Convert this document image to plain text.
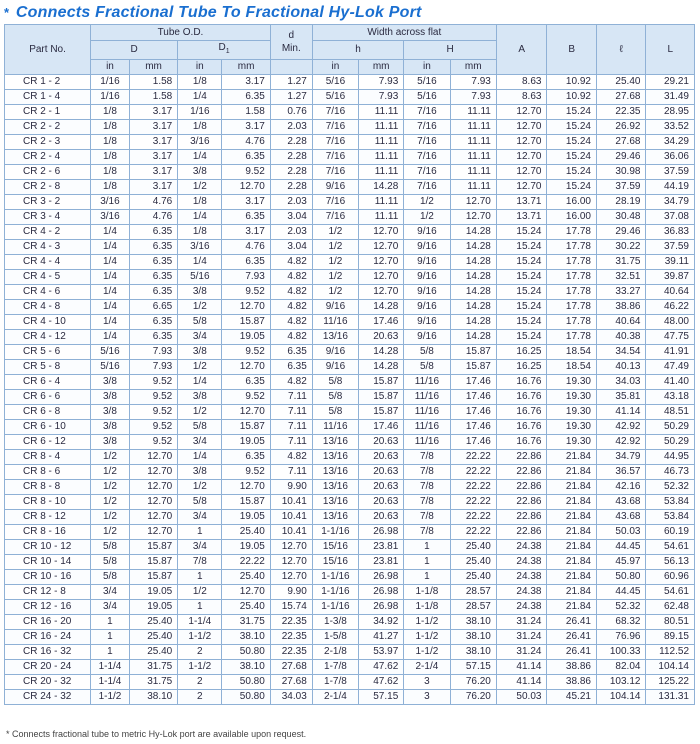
* Connects Fractional Tube To Fractional Hy-Lok Port
Part No.	Tube O.D.				d
Min.	Width across flat				A	B	ℓ	L
	D		$D_1$			h		H					
	in	mm	in	mm		in	mm	in	mm				
CR 1 - 2	1/16	1.58	1/8	3.17	1.27	5/16	7.93	5/16	7.93	8.63	10.92	25.40	29.21
CR 1 - 4	1/16	1.58	1/4	6.35	1.27	5/16	7.93	5/16	7.93	8.63	10.92	27.68	31.49
CR 2 - 1	1/8	3.17	1/16	1.58	0.76	7/16	11.11	7/16	11.11	12.70	15.24	22.35	28.95
CR 2 - 2	1/8	3.17	1/8	3.17	2.03	7/16	11.11	7/16	11.11	12.70	15.24	26.92	33.52
CR 2 - 3	1/8	3.17	3/16	4.76	2.28	7/16	11.11	7/16	11.11	12.70	15.24	27.68	34.29
CR 2 - 4	1/8	3.17	1/4	6.35	2.28	7/16	11.11	7/16	11.11	12.70	15.24	29.46	36.06
CR 2 - 6	1/8	3.17	3/8	9.52	2.28	7/16	11.11	7/16	11.11	12.70	15.24	30.98	37.59
CR 2 - 8	1/8	3.17	1/2	12.70	2.28	9/16	14.28	7/16	11.11	12.70	15.24	37.59	44.19
CR 3 - 2	3/16	4.76	1/8	3.17	2.03	7/16	11.11	1/2	12.70	13.71	16.00	28.19	34.79
CR 3 - 4	3/16	4.76	1/4	6.35	3.04	7/16	11.11	1/2	12.70	13.71	16.00	30.48	37.08
CR 4 - 2	1/4	6.35	1/8	3.17	2.03	1/2	12.70	9/16	14.28	15.24	17.78	29.46	36.83
CR 4 - 3	1/4	6.35	3/16	4.76	3.04	1/2	12.70	9/16	14.28	15.24	17.78	30.22	37.59
CR 4 - 4	1/4	6.35	1/4	6.35	4.82	1/2	12.70	9/16	14.28	15.24	17.78	31.75	39.11
CR 4 - 5	1/4	6.35	5/16	7.93	4.82	1/2	12.70	9/16	14.28	15.24	17.78	32.51	39.87
CR 4 - 6	1/4	6.35	3/8	9.52	4.82	1/2	12.70	9/16	14.28	15.24	17.78	33.27	40.64
CR 4 - 8	1/4	6.65	1/2	12.70	4.82	9/16	14.28	9/16	14.28	15.24	17.78	38.86	46.22
CR 4 - 10	1/4	6.35	5/8	15.87	4.82	11/16	17.46	9/16	14.28	15.24	17.78	40.64	48.00
CR 4 - 12	1/4	6.35	3/4	19.05	4.82	13/16	20.63	9/16	14.28	15.24	17.78	40.38	47.75
CR 5 - 6	5/16	7.93	3/8	9.52	6.35	9/16	14.28	5/8	15.87	16.25	18.54	34.54	41.91
CR 5 - 8	5/16	7.93	1/2	12.70	6.35	9/16	14.28	5/8	15.87	16.25	18.54	40.13	47.49
CR 6 - 4	3/8	9.52	1/4	6.35	4.82	5/8	15.87	11/16	17.46	16.76	19.30	34.03	41.40
CR 6 - 6	3/8	9.52	3/8	9.52	7.11	5/8	15.87	11/16	17.46	16.76	19.30	35.81	43.18
CR 6 - 8	3/8	9.52	1/2	12.70	7.11	5/8	15.87	11/16	17.46	16.76	19.30	41.14	48.51
CR 6 - 10	3/8	9.52	5/8	15.87	7.11	11/16	17.46	11/16	17.46	16.76	19.30	42.92	50.29
CR 6 - 12	3/8	9.52	3/4	19.05	7.11	13/16	20.63	11/16	17.46	16.76	19.30	42.92	50.29
CR 8 - 4	1/2	12.70	1/4	6.35	4.82	13/16	20.63	7/8	22.22	22.86	21.84	34.79	44.95
CR 8 - 6	1/2	12.70	3/8	9.52	7.11	13/16	20.63	7/8	22.22	22.86	21.84	36.57	46.73
CR 8 - 8	1/2	12.70	1/2	12.70	9.90	13/16	20.63	7/8	22.22	22.86	21.84	42.16	52.32
CR 8 - 10	1/2	12.70	5/8	15.87	10.41	13/16	20.63	7/8	22.22	22.86	21.84	43.68	53.84
CR 8 - 12	1/2	12.70	3/4	19.05	10.41	13/16	20.63	7/8	22.22	22.86	21.84	43.68	53.84
CR 8 - 16	1/2	12.70	1	25.40	10.41	1-1/16	26.98	7/8	22.22	22.86	21.84	50.03	60.19
CR 10 - 12	5/8	15.87	3/4	19.05	12.70	15/16	23.81	1	25.40	24.38	21.84	44.45	54.61
CR 10 - 14	5/8	15.87	7/8	22.22	12.70	15/16	23.81	1	25.40	24.38	21.84	45.97	56.13
CR 10 - 16	5/8	15.87	1	25.40	12.70	1-1/16	26.98	1	25.40	24.38	21.84	50.80	60.96
CR 12 - 8	3/4	19.05	1/2	12.70	9.90	1-1/16	26.98	1-1/8	28.57	24.38	21.84	44.45	54.61
CR 12 - 16	3/4	19.05	1	25.40	15.74	1-1/16	26.98	1-1/8	28.57	24.38	21.84	52.32	62.48
CR 16 - 20	1	25.40	1-1/4	31.75	22.35	1-3/8	34.92	1-1/2	38.10	31.24	26.41	68.32	80.51
CR 16 - 24	1	25.40	1-1/2	38.10	22.35	1-5/8	41.27	1-1/2	38.10	31.24	26.41	76.96	89.15
CR 16 - 32	1	25.40	2	50.80	22.35	2-1/8	53.97	1-1/2	38.10	31.24	26.41	100.33	112.52
CR 20 - 24	1-1/4	31.75	1-1/2	38.10	27.68	1-7/8	47.62	2-1/4	57.15	41.14	38.86	82.04	104.14
CR 20 - 32	1-1/4	31.75	2	50.80	27.68	1-7/8	47.62	3	76.20	41.14	38.86	103.12	125.22
CR 24 - 32	1-1/2	38.10	2	50.80	34.03	2-1/4	57.15	3	76.20	50.03	45.21	104.14	131.31
* Connects fractional tube to metric Hy-Lok port are available upon request.
